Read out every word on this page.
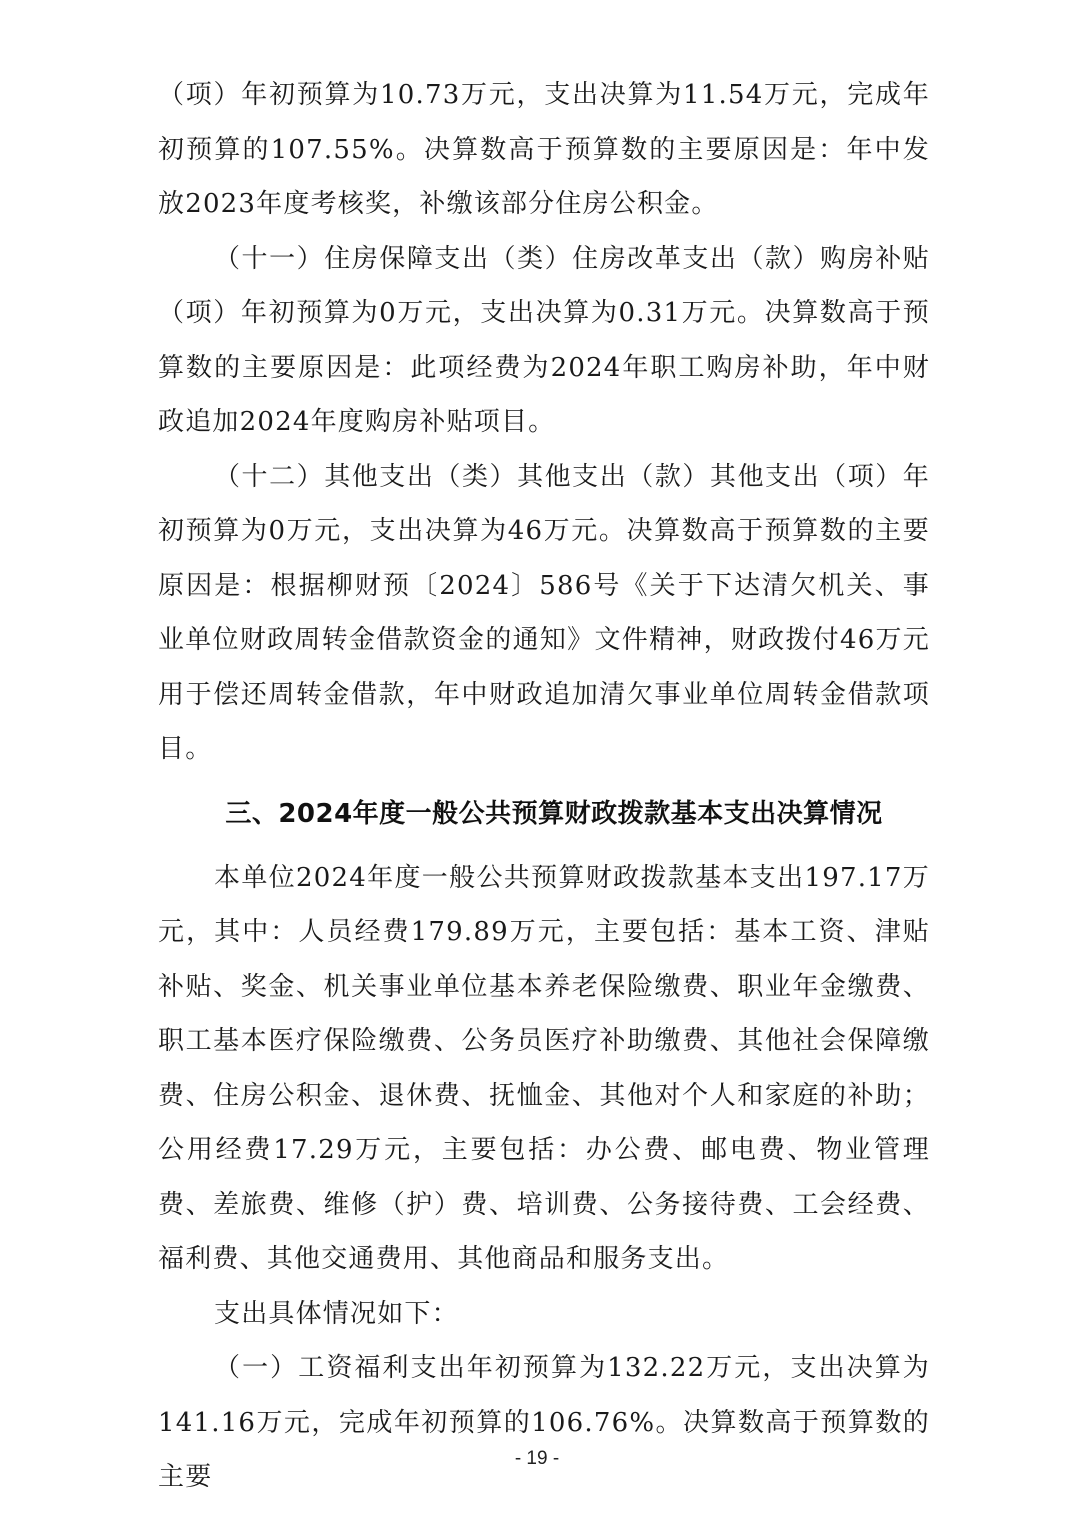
（项）年初预算为10.73万元，支出决算为11.54万元，完成年初预算的107.55%。决算数高于预算数的主要原因是：年中发放2023年度考核奖，补缴该部分住房公积金。

（十一）住房保障支出（类）住房改革支出（款）购房补贴（项）年初预算为0万元，支出决算为0.31万元。决算数高于预算数的主要原因是：此项经费为2024年职工购房补助，年中财政追加2024年度购房补贴项目。

（十二）其他支出（类）其他支出（款）其他支出（项）年初预算为0万元，支出决算为46万元。决算数高于预算数的主要原因是：根据柳财预〔2024〕586号《关于下达清欠机关、事业单位财政周转金借款资金的通知》文件精神，财政拨付46万元用于偿还周转金借款，年中财政追加清欠事业单位周转金借款项目。

三、2024年度一般公共预算财政拨款基本支出决算情况

本单位2024年度一般公共预算财政拨款基本支出197.17万元，其中：人员经费179.89万元，主要包括：基本工资、津贴补贴、奖金、机关事业单位基本养老保险缴费、职业年金缴费、职工基本医疗保险缴费、公务员医疗补助缴费、其他社会保障缴费、住房公积金、退休费、抚恤金、其他对个人和家庭的补助；公用经费17.29万元，主要包括：办公费、邮电费、物业管理费、差旅费、维修（护）费、培训费、公务接待费、工会经费、福利费、其他交通费用、其他商品和服务支出。

支出具体情况如下：

（一）工资福利支出年初预算为132.22万元，支出决算为141.16万元，完成年初预算的106.76%。决算数高于预算数的主要

- 19 -
